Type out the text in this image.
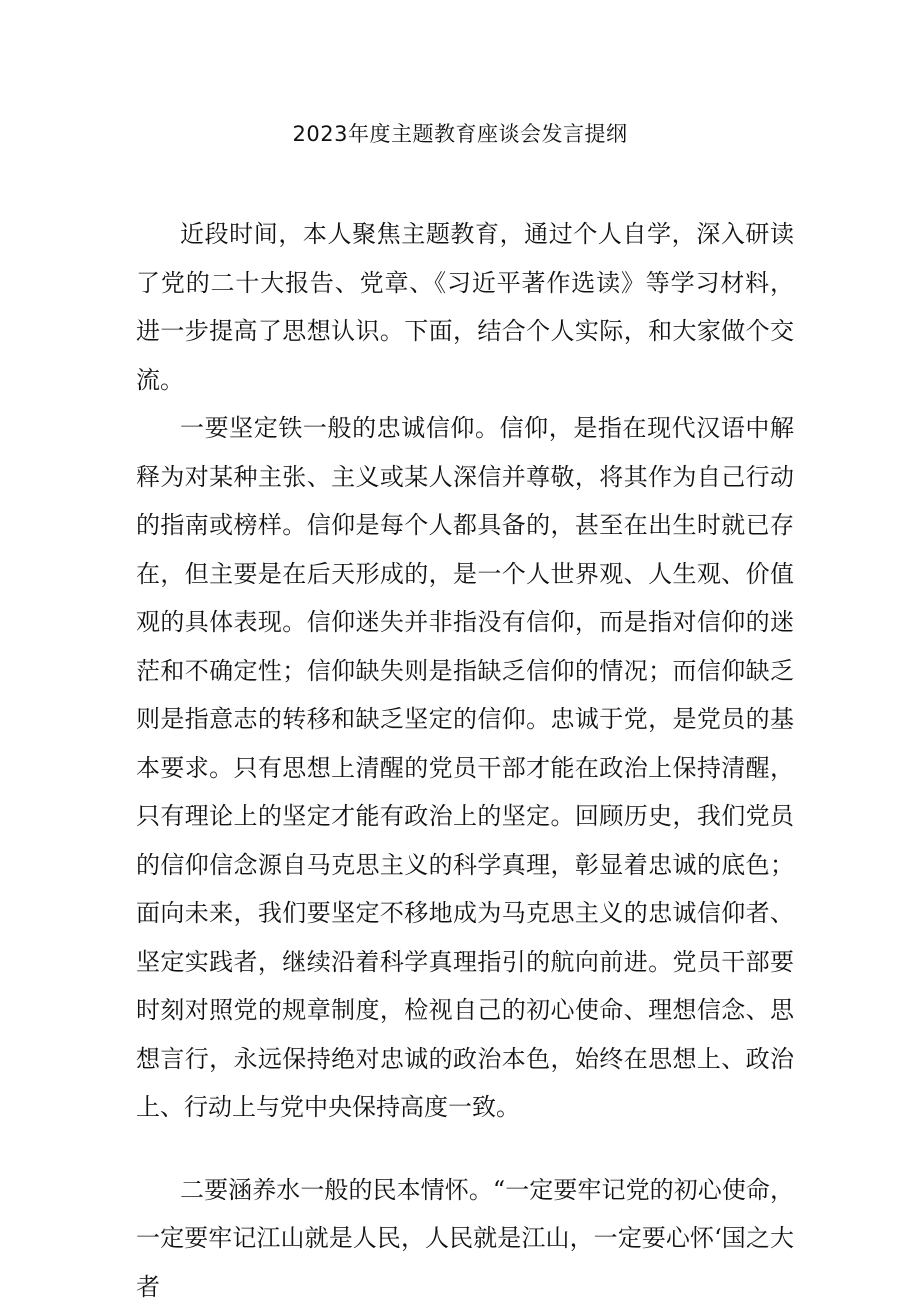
2023年度主题教育座谈会发言提纲

近段时间，本人聚焦主题教育，通过个人自学，深入研读了党的二十大报告、党章、《习近平著作选读》等学习材料，进一步提高了思想认识。下面，结合个人实际，和大家做个交流。

一要坚定铁一般的忠诚信仰。信仰，是指在现代汉语中解释为对某种主张、主义或某人深信并尊敬，将其作为自己行动的指南或榜样。信仰是每个人都具备的，甚至在出生时就已存在，但主要是在后天形成的，是一个人世界观、人生观、价值观的具体表现。信仰迷失并非指没有信仰，而是指对信仰的迷茫和不确定性；信仰缺失则是指缺乏信仰的情况；而信仰缺乏则是指意志的转移和缺乏坚定的信仰。忠诚于党，是党员的基本要求。只有思想上清醒的党员干部才能在政治上保持清醒，只有理论上的坚定才能有政治上的坚定。回顾历史，我们党员的信仰信念源自马克思主义的科学真理，彰显着忠诚的底色；面向未来，我们要坚定不移地成为马克思主义的忠诚信仰者、坚定实践者，继续沿着科学真理指引的航向前进。党员干部要时刻对照党的规章制度，检视自己的初心使命、理想信念、思想言行，永远保持绝对忠诚的政治本色，始终在思想上、政治上、行动上与党中央保持高度一致。

二要涵养水一般的民本情怀。“一定要牢记党的初心使命，一定要牢记江山就是人民，人民就是江山，一定要心怀‘国之大者
